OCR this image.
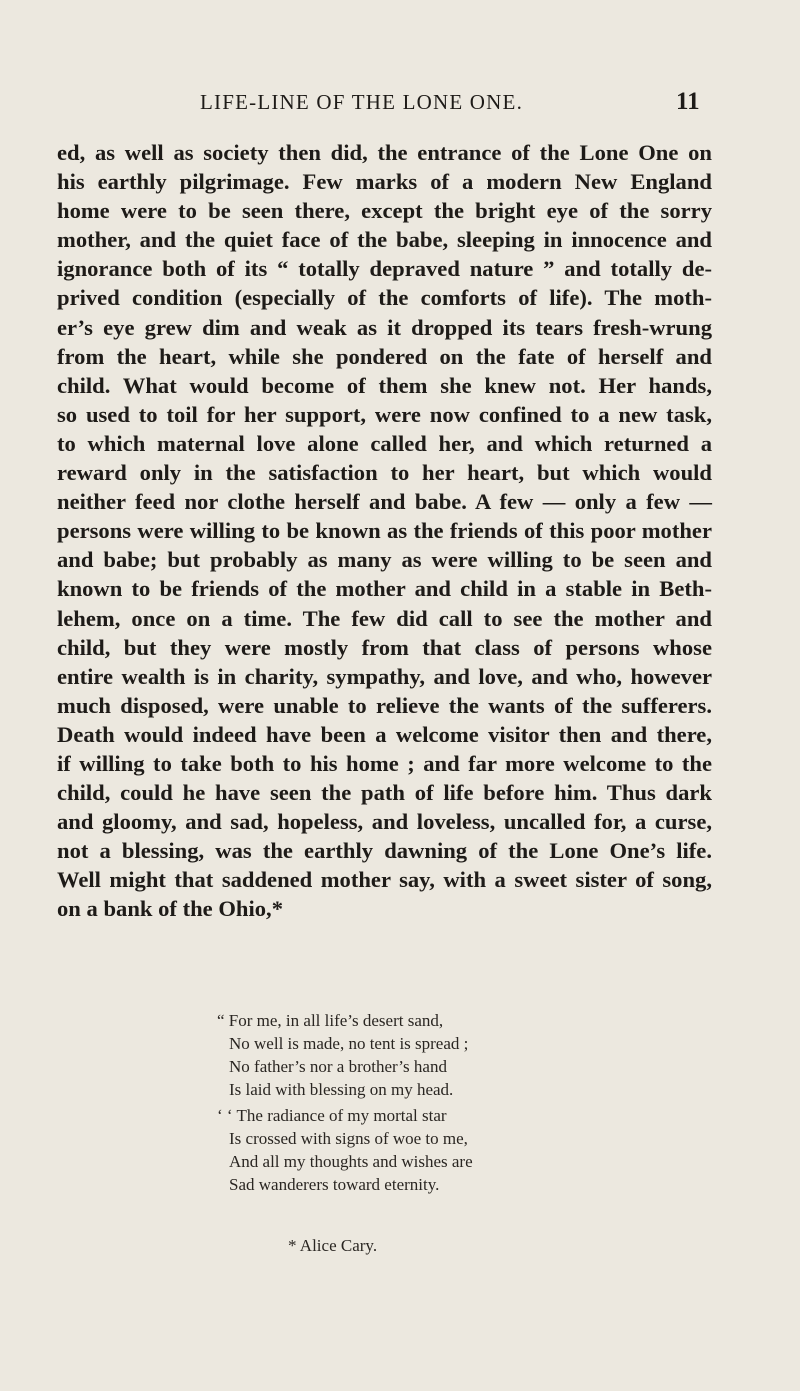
LIFE-LINE OF THE LONE ONE.	11
ed, as well as society then did, the entrance of the Lone One on
his earthly pilgrimage. Few marks of a modern New England
home were to be seen there, except the bright eye of the sorry
mother, and the quiet face of the babe, sleeping in innocence and
ignorance both of its “ totally depraved nature ” and totally de-
prived condition (especially of the comforts of life). The moth-
er’s eye grew dim and weak as it dropped its tears fresh-wrung
from the heart, while she pondered on the fate of herself and
child. What would become of them she knew not. Her hands,
so used to toil for her support, were now confined to a new task,
to which maternal love alone called her, and which returned a
reward only in the satisfaction to her heart, but which would
neither feed nor clothe herself and babe. A few — only a few —
persons were willing to be known as the friends of this poor mother
and babe; but probably as many as were willing to be seen and
known to be friends of the mother and child in a stable in Beth-
lehem, once on a time. The few did call to see the mother and
child, but they were mostly from that class of persons whose
entire wealth is in charity, sympathy, and love, and who, however
much disposed, were unable to relieve the wants of the sufferers.
Death would indeed have been a welcome visitor then and there,
if willing to take both to his home ; and far more welcome to the
child, could he have seen the path of life before him. Thus dark
and gloomy, and sad, hopeless, and loveless, uncalled for, a curse,
not a blessing, was the earthly dawning of the Lone One’s life.
Well might that saddened mother say, with a sweet sister of song,
on a bank of the Ohio,*
“ For me, in all life’s desert sand,
No well is made, no tent is spread ;
No father’s nor a brother’s hand
Is laid with blessing on my head.
‘ ‘ The radiance of my mortal star
Is crossed with signs of woe to me,
And all my thoughts and wishes are
Sad wanderers toward eternity.
* Alice Cary.
